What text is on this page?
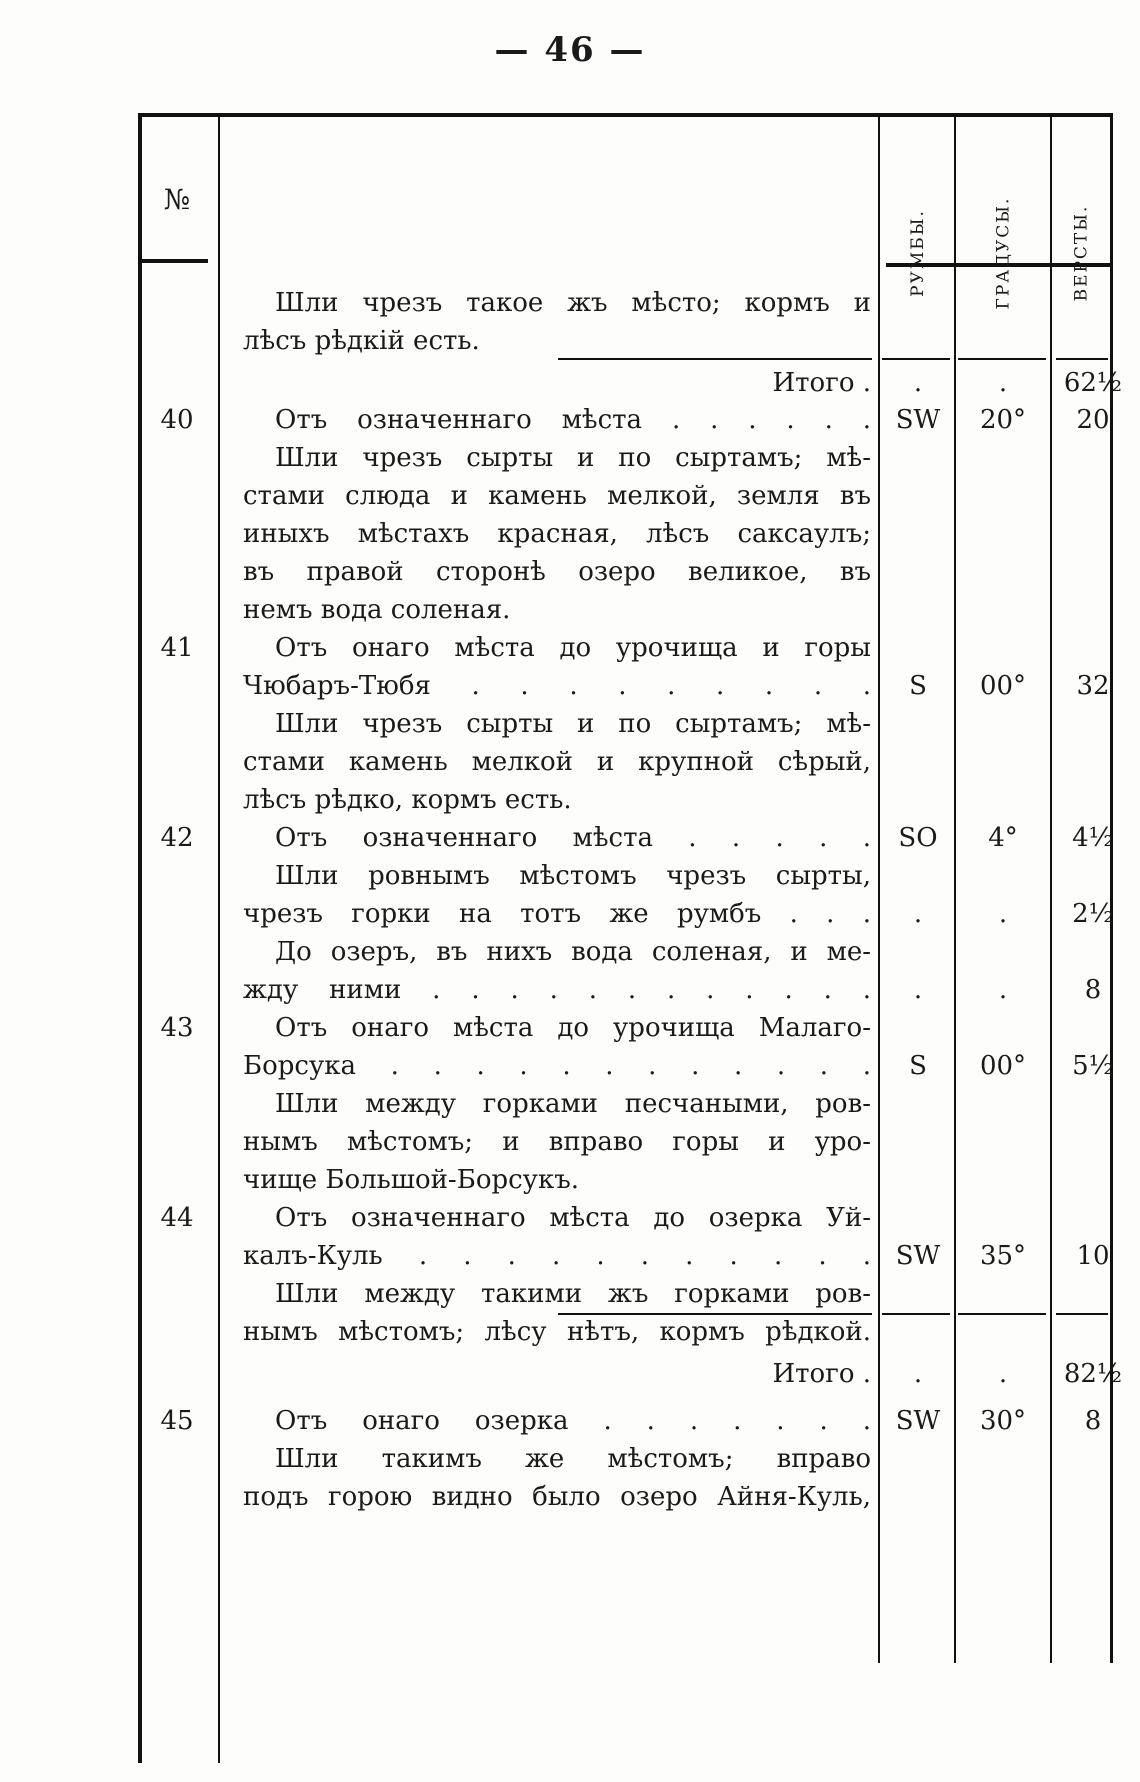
— 46 —
№
РУМБЫ.	ГРАДУСЫ.	ВЕРСТЫ.
Шли чрезъ такое жъ мѣсто; кормъ и
лѣсъ рѣдкій есть.
Итого .	.	.	62½
40	Отъ означеннаго мѣста . . . . . . SW	20°	20
Шли чрезъ сырты и по сыртамъ; мѣ-
стами слюда и камень мелкой, земля въ
иныхъ мѣстахъ красная, лѣсъ саксаулъ;
въ правой сторонѣ озеро великое, въ
немъ вода соленая.
41	Отъ онаго мѣста до урочища и горы
Чюбаръ-Тюбя . . . . . . . . .	S	00°	32
Шли чрезъ сырты и по сыртамъ; мѣ-
стами камень мелкой и крупной сѣрый,
лѣсъ рѣдко, кормъ есть.
42	Отъ означеннаго мѣста . . . . .	SO	4°	4½
Шли ровнымъ мѣстомъ чрезъ сырты,
чрезъ горки на тотъ же румбъ . . .	.	.	2½
До озеръ, въ нихъ вода соленая, и ме-
жду ними . . . . . . . . . . . .	.	.	8
43	Отъ онаго мѣста до урочища Малаго-
Борсука . . . . . . . . . . . .	S	00°	5½
Шли между горками песчаными, ров-
нымъ мѣстомъ; и вправо горы и уро-
чище Большой-Борсукъ.
44	Отъ означеннаго мѣста до озерка Уй-
калъ-Куль . . . . . . . . . . . SW	35°	10
Шли между такими жъ горками ров-
нымъ мѣстомъ; лѣсу нѣтъ, кормъ рѣдкой.
Итого .	.	.	82½
45	Отъ онаго озерка . . . . . . . SW	30°	8
Шли такимъ же мѣстомъ; вправо
подъ горою видно было озеро Айня-Куль,
